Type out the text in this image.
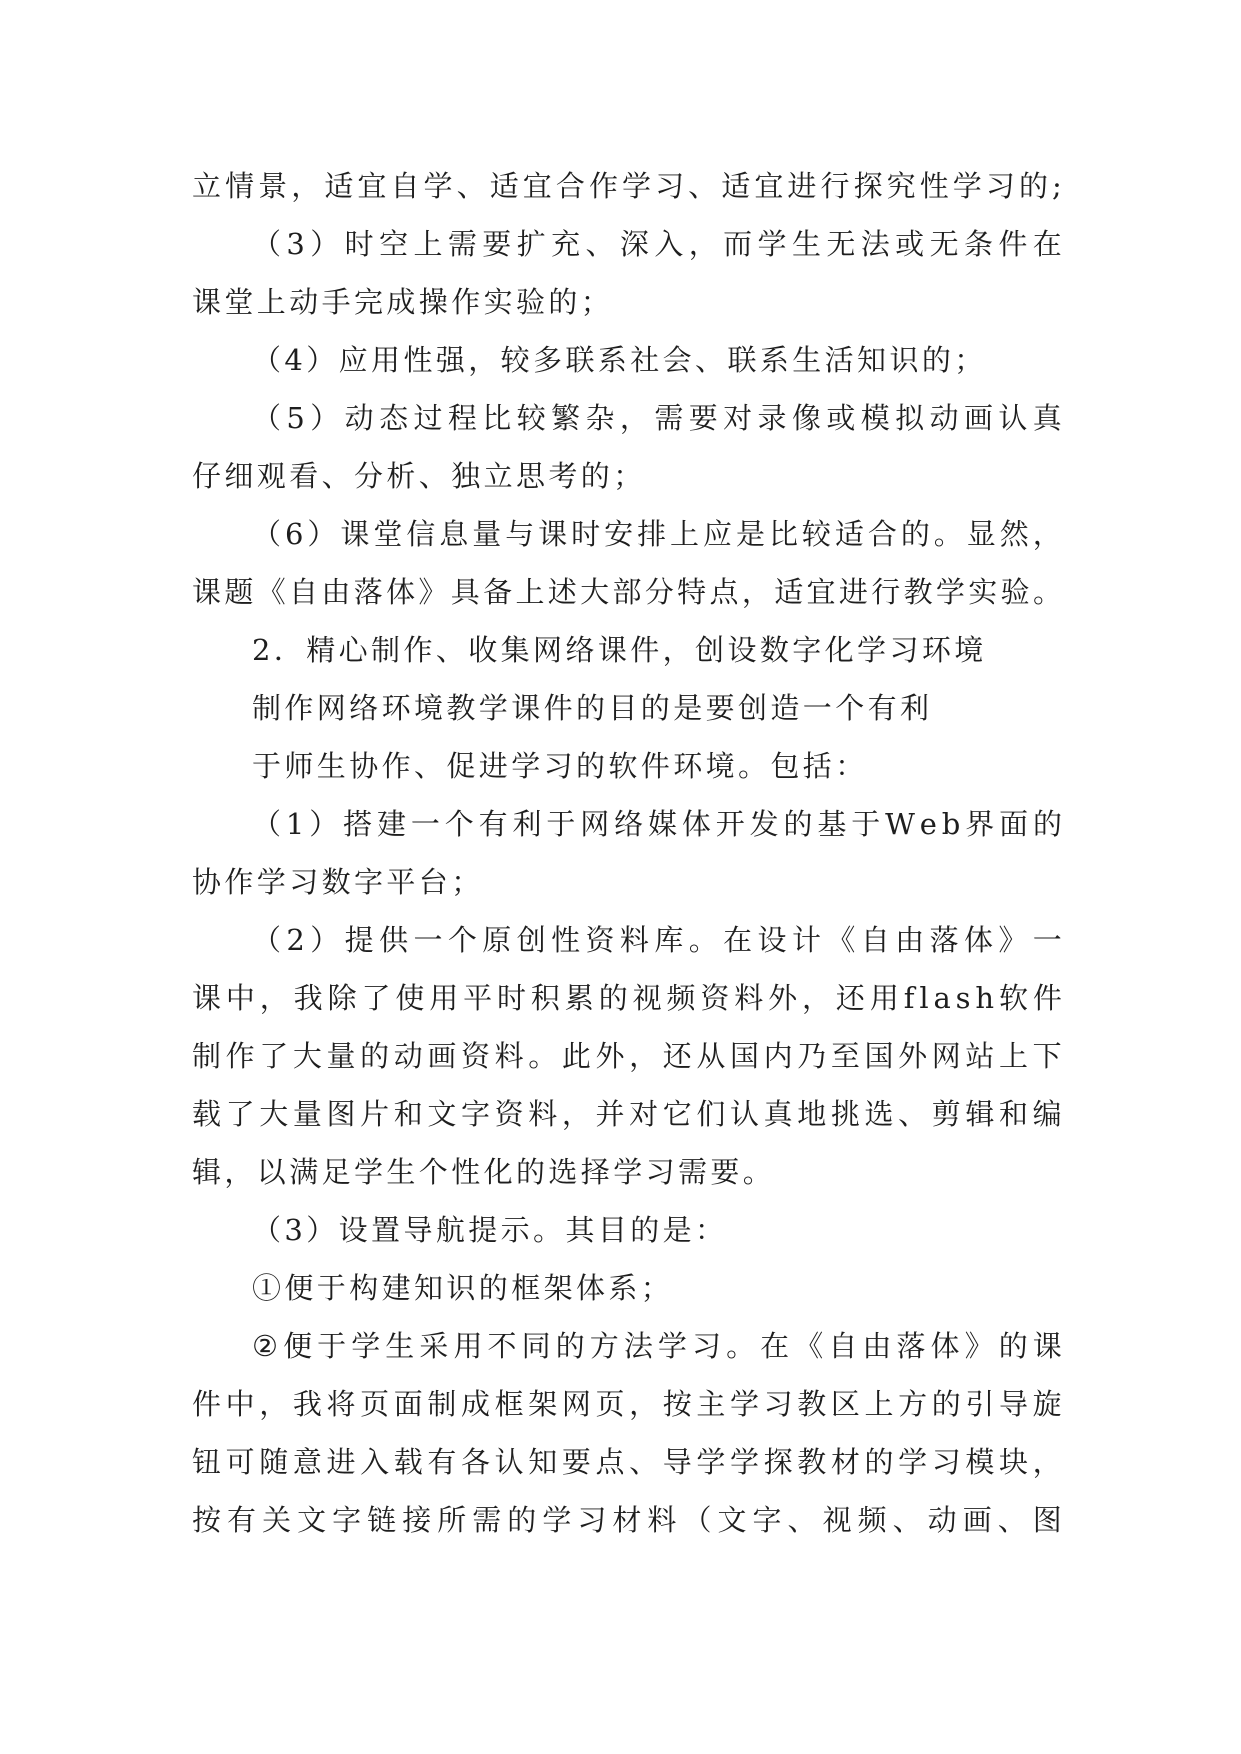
立 情 景 ， 适 宜 自 学 、 适 宜 合 作 学 习 、 适 宜 进 行 探 究 性 学 习 的 ;
（ 3 ） 时 空 上 需 要 扩 充 、 深 入 ， 而 学 生 无 法 或 无 条 件 在
课堂上动手完成操作实验的；
（4）应用性强，较多联系社会、联系生活知识的；
（ 5 ） 动 态 过 程 比 较 繁 杂 ， 需 要 对 录 像 或 模 拟 动 画 认 真
仔细观看、分析、独立思考的；
（ 6 ） 课 堂 信 息 量 与 课 时 安 排 上 应 是 比 较 适 合 的 。 显 然 ，
课 题 《 自 由 落 体 》 具 备 上 述 大 部 分 特 点 ， 适 宜 进 行 教 学 实 验 。
2．精心制作、收集网络课件，创设数字化学习环境
制作网络环境教学课件的目的是要创造一个有利
于师生协作、促进学习的软件环境。包括：
（ 1 ） 搭 建 一 个 有 利 于 网 络 媒 体 开 发 的 基 于 W e b 界 面 的
协作学习数字平台；
（ 2 ） 提 供 一 个 原 创 性 资 料 库 。 在 设 计 《 自 由 落 体 》 一
课 中 ， 我 除 了 使 用 平 时 积 累 的 视 频 资 料 外 ， 还 用 f l a s h 软 件
制 作 了 大 量 的 动 画 资 料 。 此 外 ， 还 从 国 内 乃 至 国 外 网 站 上 下
载 了 大 量 图 片 和 文 字 资 料 ， 并 对 它 们 认 真 地 挑 选 、 剪 辑 和 编
辑，以满足学生个性化的选择学习需要。
（3）设置导航提示。其目的是：
①便于构建知识的框架体系；
② 便 于 学 生 采 用 不 同 的 方 法 学 习 。 在 《 自 由 落 体 》 的 课
件 中 ， 我 将 页 面 制 成 框 架 网 页 ， 按 主 学 习 教 区 上 方 的 引 导 旋
钮 可 随 意 进 入 载 有 各 认 知 要 点 、 导 学 学 探 教 材 的 学 习 模 块 ，
按 有 关 文 字 链 接 所 需 的 学 习 材 料 （ 文 字 、 视 频 、 动 画 、 图
